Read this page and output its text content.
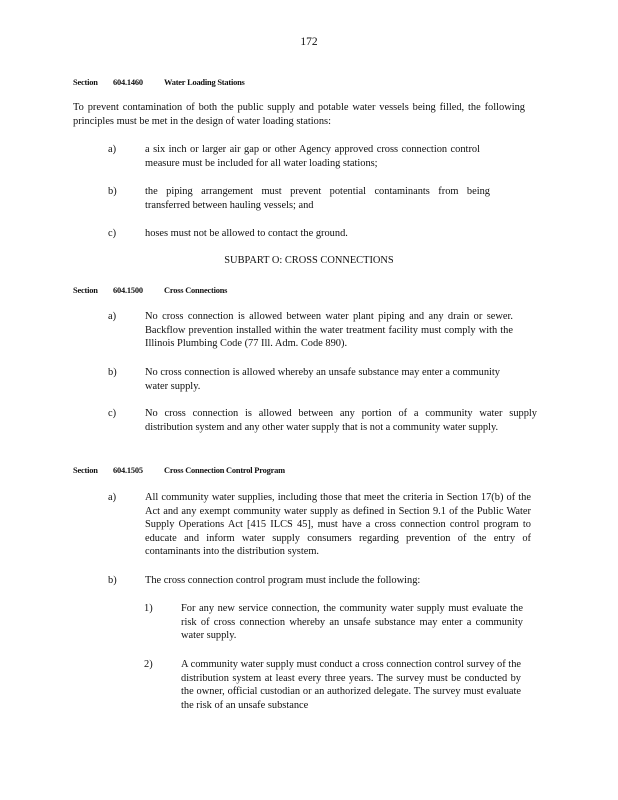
172
Section 604.1460	Water Loading Stations
To prevent contamination of both the public supply and potable water vessels being filled, the following principles must be met in the design of water loading stations:
a)	a six inch or larger air gap or other Agency approved cross connection control measure must be included for all water loading stations;
b)	the piping arrangement must prevent potential contaminants from being transferred between hauling vessels; and
c)	hoses must not be allowed to contact the ground.
SUBPART O: CROSS CONNECTIONS
Section 604.1500	Cross Connections
a)	No cross connection is allowed between water plant piping and any drain or sewer. Backflow prevention installed within the water treatment facility must comply with the Illinois Plumbing Code (77 Ill. Adm. Code 890).
b)	No cross connection is allowed whereby an unsafe substance may enter a community water supply.
c)	No cross connection is allowed between any portion of a community water supply distribution system and any other water supply that is not a community water supply.
Section 604.1505	Cross Connection Control Program
a)	All community water supplies, including those that meet the criteria in Section 17(b) of the Act and any exempt community water supply as defined in Section 9.1 of the Public Water Supply Operations Act [415 ILCS 45], must have a cross connection control program to educate and inform water supply consumers regarding prevention of the entry of contaminants into the distribution system.
b)	The cross connection control program must include the following:
1)	For any new service connection, the community water supply must evaluate the risk of cross connection whereby an unsafe substance may enter a community water supply.
2)	A community water supply must conduct a cross connection control survey of the distribution system at least every three years. The survey must be conducted by the owner, official custodian or an authorized delegate. The survey must evaluate the risk of an unsafe substance
